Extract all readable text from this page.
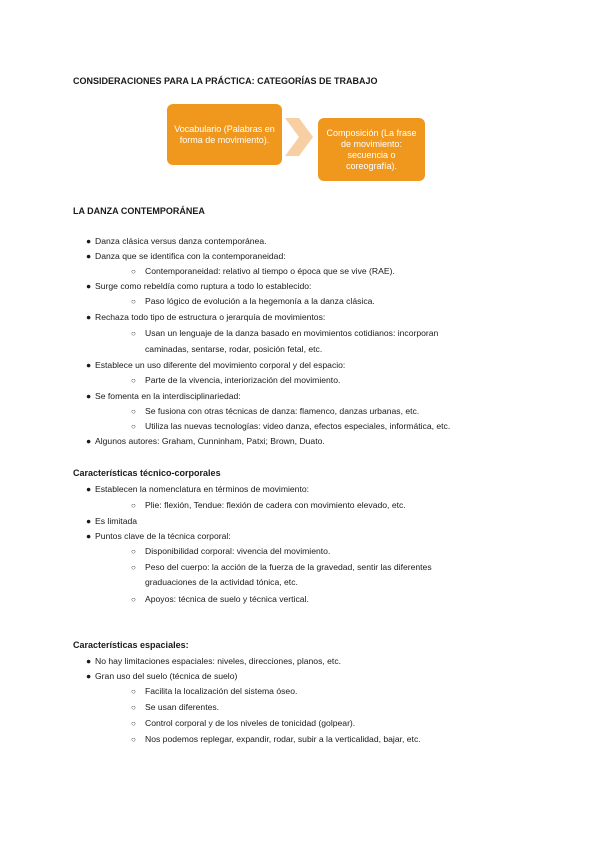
CONSIDERACIONES PARA LA PRÁCTICA: CATEGORÍAS DE TRABAJO
Vocabulario (Palabras en forma de movimiento).
Composición (La frase de movimiento: secuencia o coreografía).
LA DANZA CONTEMPORÁNEA
● Danza clásica versus danza contemporánea.
● Danza que se identifica con la contemporaneidad:
○ Contemporaneidad: relativo al tiempo o época que se vive (RAE).
● Surge como rebeldía como ruptura a todo lo establecido:
○ Paso lógico de evolución a la hegemonía a la danza clásica.
● Rechaza todo tipo de estructura o jerarquía de movimientos:
○ Usan un lenguaje de la danza basado en movimientos cotidianos: incorporan
caminadas, sentarse, rodar, posición fetal, etc.
● Establece un uso diferente del movimiento corporal y del espacio:
○ Parte de la vivencia, interiorización del movimiento.
● Se fomenta en la interdisciplinariedad:
○ Se fusiona con otras técnicas de danza: flamenco, danzas urbanas, etc.
○ Utiliza las nuevas tecnologías: video danza, efectos especiales, informática, etc.
● Algunos autores: Graham, Cunninham, Patxi; Brown, Duato.
Características técnico-corporales
● Establecen la nomenclatura en términos de movimiento:
○ Plie: flexión, Tendue: flexión de cadera con movimiento elevado, etc.
● Es limitada
● Puntos clave de la técnica corporal:
○ Disponibilidad corporal: vivencia del movimiento.
○ Peso del cuerpo: la acción de la fuerza de la gravedad, sentir las diferentes
graduaciones de la actividad tónica, etc.
○ Apoyos: técnica de suelo y técnica vertical.
Características espaciales:
● No hay limitaciones espaciales: niveles, direcciones, planos, etc.
● Gran uso del suelo (técnica de suelo)
○ Facilita la localización del sistema óseo.
○ Se usan diferentes.
○ Control corporal y de los niveles de tonicidad (golpear).
○ Nos podemos replegar, expandir, rodar, subir a la verticalidad, bajar, etc.
